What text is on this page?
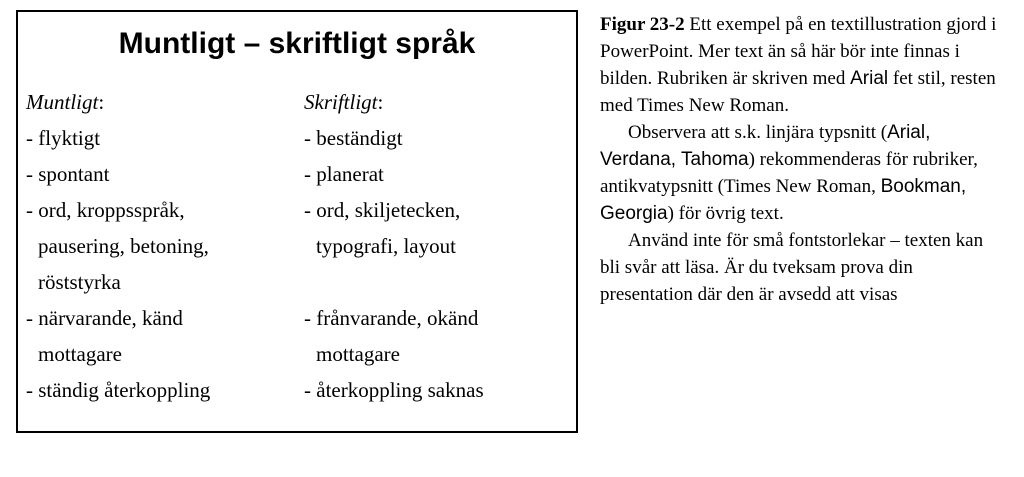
Muntligt – skriftligt språk
Muntligt:
- flyktigt
- spontant
- ord, kroppsspråk,
pausering, betoning,
röststyrka
- närvarande, känd
mottagare
- ständig återkoppling
Skriftligt:
- beständigt
- planerat
- ord, skiljetecken,
typografi, layout
- frånvarande, okänd
mottagare
- återkoppling saknas

Figur 23-2 Ett exempel på en textillustration gjord i PowerPoint. Mer text än så här bör inte finnas i bilden. Rubriken är skriven med Arial fet stil, resten med Times New Roman.

Observera att s.k. linjära typsnitt (Arial, Verdana, Tahoma) rekommenderas för rubriker, antikvatypsnitt (Times New Roman, Bookman, Georgia) för övrig text.

Använd inte för små fontstorlekar – texten kan bli svår att läsa. Är du tveksam prova din presentation där den är avsedd att visas
